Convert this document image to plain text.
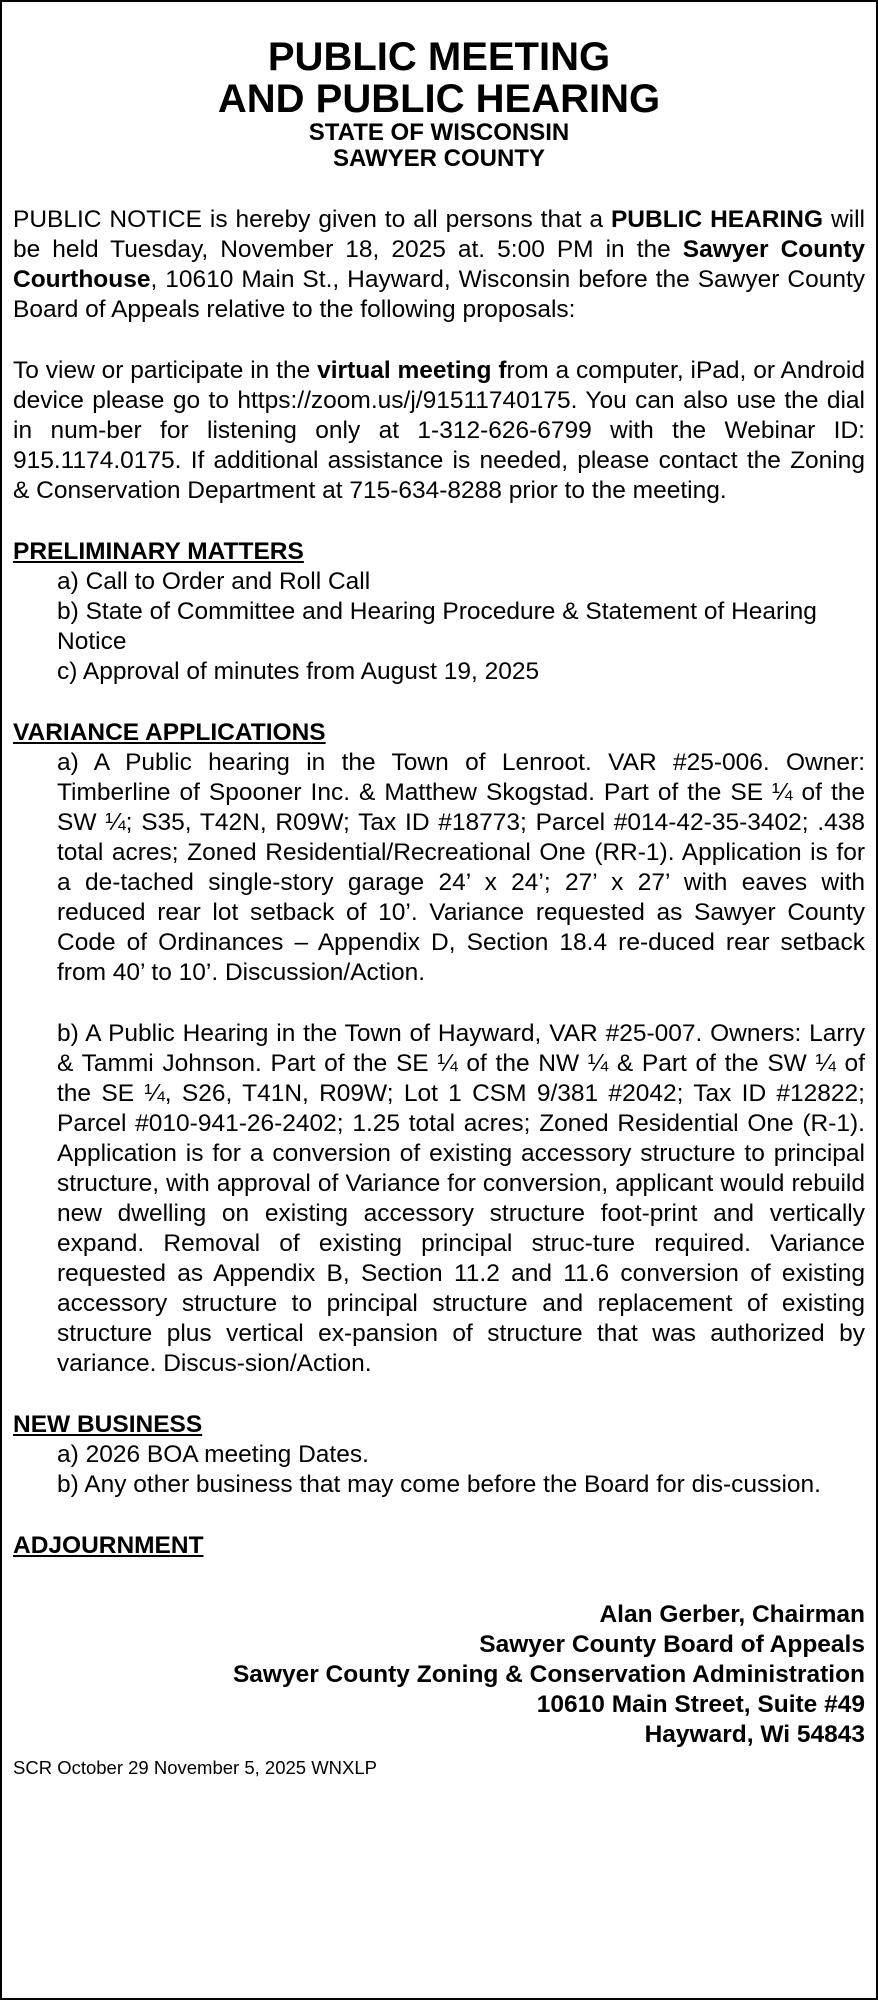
PUBLIC MEETING

AND PUBLIC HEARING

STATE OF WISCONSIN

SAWYER COUNTY

PUBLIC NOTICE is hereby given to all persons that a PUBLIC HEARING will be held Tuesday, November 18, 2025 at. 5:00 PM in the Sawyer County Courthouse, 10610 Main St., Hayward, Wisconsin before the Sawyer County Board of Appeals relative to the following proposals:

To view or participate in the virtual meeting from a computer, iPad, or Android device please go to https://zoom.us/j/91511740175. You can also use the dial in num-ber for listening only at 1-312-626-6799 with the Webinar ID: 915.1174.0175. If additional assistance is needed, please contact the Zoning & Conservation Department at 715-634-8288 prior to the meeting.

PRELIMINARY MATTERS

a) Call to Order and Roll Call

b) State of Committee and Hearing Procedure & Statement of Hearing Notice

c) Approval of minutes from August 19, 2025

VARIANCE APPLICATIONS

a) A Public hearing in the Town of Lenroot. VAR #25-006. Owner: Timberline of Spooner Inc. & Matthew Skogstad. Part of the SE ¼ of the SW ¼; S35, T42N, R09W; Tax ID #18773; Parcel #014-42-35-3402; .438 total acres; Zoned Residential/Recreational One (RR-1). Application is for a de-tached single-story garage 24’ x 24’; 27’ x 27’ with eaves with reduced rear lot setback of 10’. Variance requested as Sawyer County Code of Ordinances – Appendix D, Section 18.4 re-duced rear setback from 40’ to 10’. Discussion/Action.

b) A Public Hearing in the Town of Hayward, VAR #25-007. Owners: Larry & Tammi Johnson. Part of the SE ¼ of the NW ¼ & Part of the SW ¼ of the SE ¼, S26, T41N, R09W; Lot 1 CSM 9/381 #2042; Tax ID #12822; Parcel #010-941-26-2402; 1.25 total acres; Zoned Residential One (R-1). Application is for a conversion of existing accessory structure to principal structure, with approval of Variance for conversion, applicant would rebuild new dwelling on existing accessory structure foot-print and vertically expand. Removal of existing principal struc-ture required. Variance requested as Appendix B, Section 11.2 and 11.6 conversion of existing accessory structure to principal structure and replacement of existing structure plus vertical ex-pansion of structure that was authorized by variance. Discus-sion/Action.

NEW BUSINESS

a) 2026 BOA meeting Dates.

b) Any other business that may come before the Board for dis-cussion.

ADJOURNMENT

Alan Gerber, Chairman

Sawyer County Board of Appeals

Sawyer County Zoning & Conservation Administration

10610 Main Street, Suite #49

Hayward, Wi 54843

SCR October 29 November 5, 2025 WNXLP
